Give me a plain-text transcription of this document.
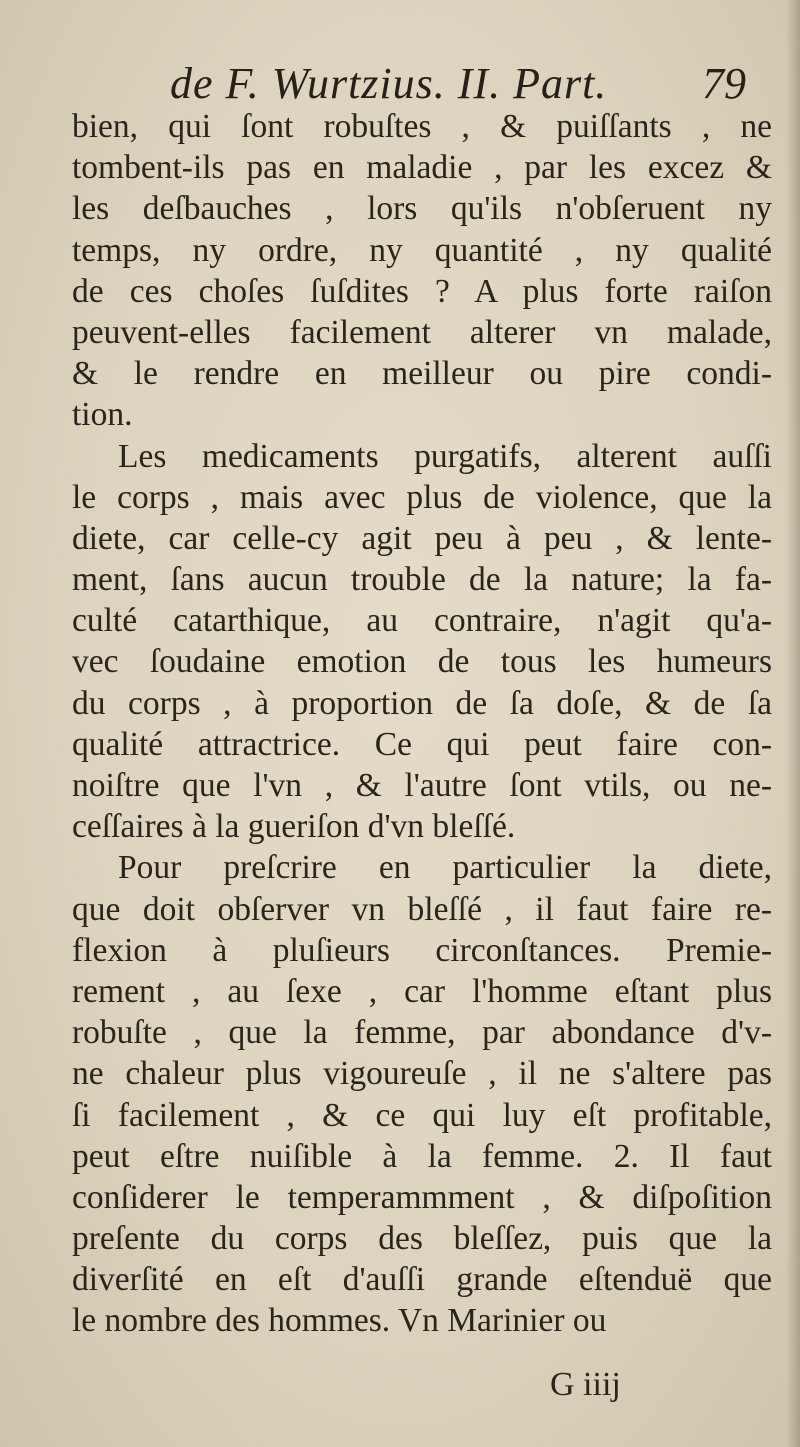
de F. Wurtzius. II. Part. 79
bien, qui ſont robuſtes , & puiſſants , ne
tombent-ils pas en maladie , par les excez &
les deſbauches , lors qu'ils n'obſeruent ny
temps, ny ordre, ny quantité , ny qualité
de ces choſes ſuſdites ? A plus forte raiſon
peuvent-elles facilement alterer vn malade,
& le rendre en meilleur ou pire condi-
tion.
Les medicaments purgatifs, alterent auſſi
le corps , mais avec plus de violence, que la
diete, car celle-cy agit peu à peu , & lente-
ment, ſans aucun trouble de la nature; la fa-
culté catarthique, au contraire, n'agit qu'a-
vec ſoudaine emotion de tous les humeurs
du corps , à proportion de ſa doſe, & de ſa
qualité attractrice. Ce qui peut faire con-
noiſtre que l'vn , & l'autre ſont vtils, ou ne-
ceſſaires à la gueriſon d'vn bleſſé.
Pour preſcrire en particulier la diete,
que doit obſerver vn bleſſé , il faut faire re-
flexion à pluſieurs circonſtances. Premie-
rement , au ſexe , car l'homme eſtant plus
robuſte , que la femme, par abondance d'v-
ne chaleur plus vigoureuſe , il ne s'altere pas
ſi facilement , & ce qui luy eſt profitable,
peut eſtre nuiſible à la femme. 2. Il faut
conſiderer le temperammment , & diſpoſition
preſente du corps des bleſſez, puis que la
diverſité en eſt d'auſſi grande eſtenduë que
le nombre des hommes. Vn Marinier ou
G iiij
